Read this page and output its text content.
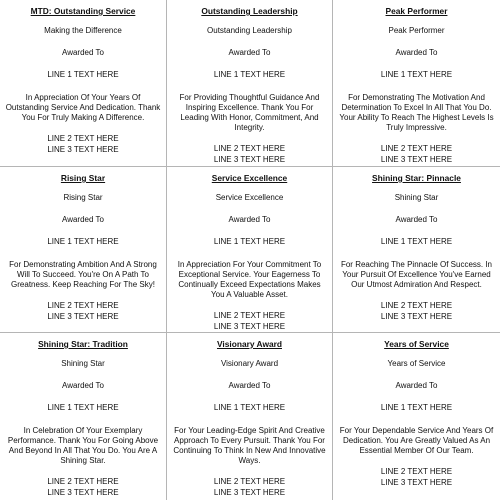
MTD: Outstanding Service
Making the Difference
Awarded To
LINE 1 TEXT HERE
In Appreciation Of Your Years Of Outstanding Service And Dedication. Thank You For Truly Making A Difference.
LINE 2 TEXT HERE
LINE 3 TEXT HERE
Outstanding Leadership
Outstanding Leadership
Awarded To
LINE 1 TEXT HERE
For Providing Thoughtful Guidance And Inspiring Excellence. Thank You For Leading With Honor, Commitment, And Integrity.
LINE 2 TEXT HERE
LINE 3 TEXT HERE
Peak Performer
Peak Performer
Awarded To
LINE 1 TEXT HERE
For Demonstrating The Motivation And Determination To Excel In All That You Do. Your Ability To Reach The Highest Levels Is Truly Impressive.
LINE 2 TEXT HERE
LINE 3 TEXT HERE
Rising Star
Rising Star
Awarded To
LINE 1 TEXT HERE
For Demonstrating Ambition And A Strong Will To Succeed. You're On A Path To Greatness. Keep Reaching For The Sky!
LINE 2 TEXT HERE
LINE 3 TEXT HERE
Service Excellence
Service Excellence
Awarded To
LINE 1 TEXT HERE
In Appreciation For Your Commitment To Exceptional Service. Your Eagerness To Continually Exceed Expectations Makes You A Valuable Asset.
LINE 2 TEXT HERE
LINE 3 TEXT HERE
Shining Star: Pinnacle
Shining Star
Awarded To
LINE 1 TEXT HERE
For Reaching The Pinnacle Of Success. In Your Pursuit Of Excellence You've Earned Our Utmost Admiration And Respect.
LINE 2 TEXT HERE
LINE 3 TEXT HERE
Shining Star: Tradition
Shining Star
Awarded To
LINE 1 TEXT HERE
In Celebration Of Your Exemplary Performance. Thank You For Going Above And Beyond In All That You Do. You Are A Shining Star.
LINE 2 TEXT HERE
LINE 3 TEXT HERE
Visionary Award
Visionary Award
Awarded To
LINE 1 TEXT HERE
For Your Leading-Edge Spirit And Creative Approach To Every Pursuit. Thank You For Continuing To Think In New And Innovative Ways.
LINE 2 TEXT HERE
LINE 3 TEXT HERE
Years of Service
Years of Service
Awarded To
LINE 1 TEXT HERE
For Your Dependable Service And Years Of Dedication. You Are Greatly Valued As An Essential Member Of Our Team.
LINE 2 TEXT HERE
LINE 3 TEXT HERE
